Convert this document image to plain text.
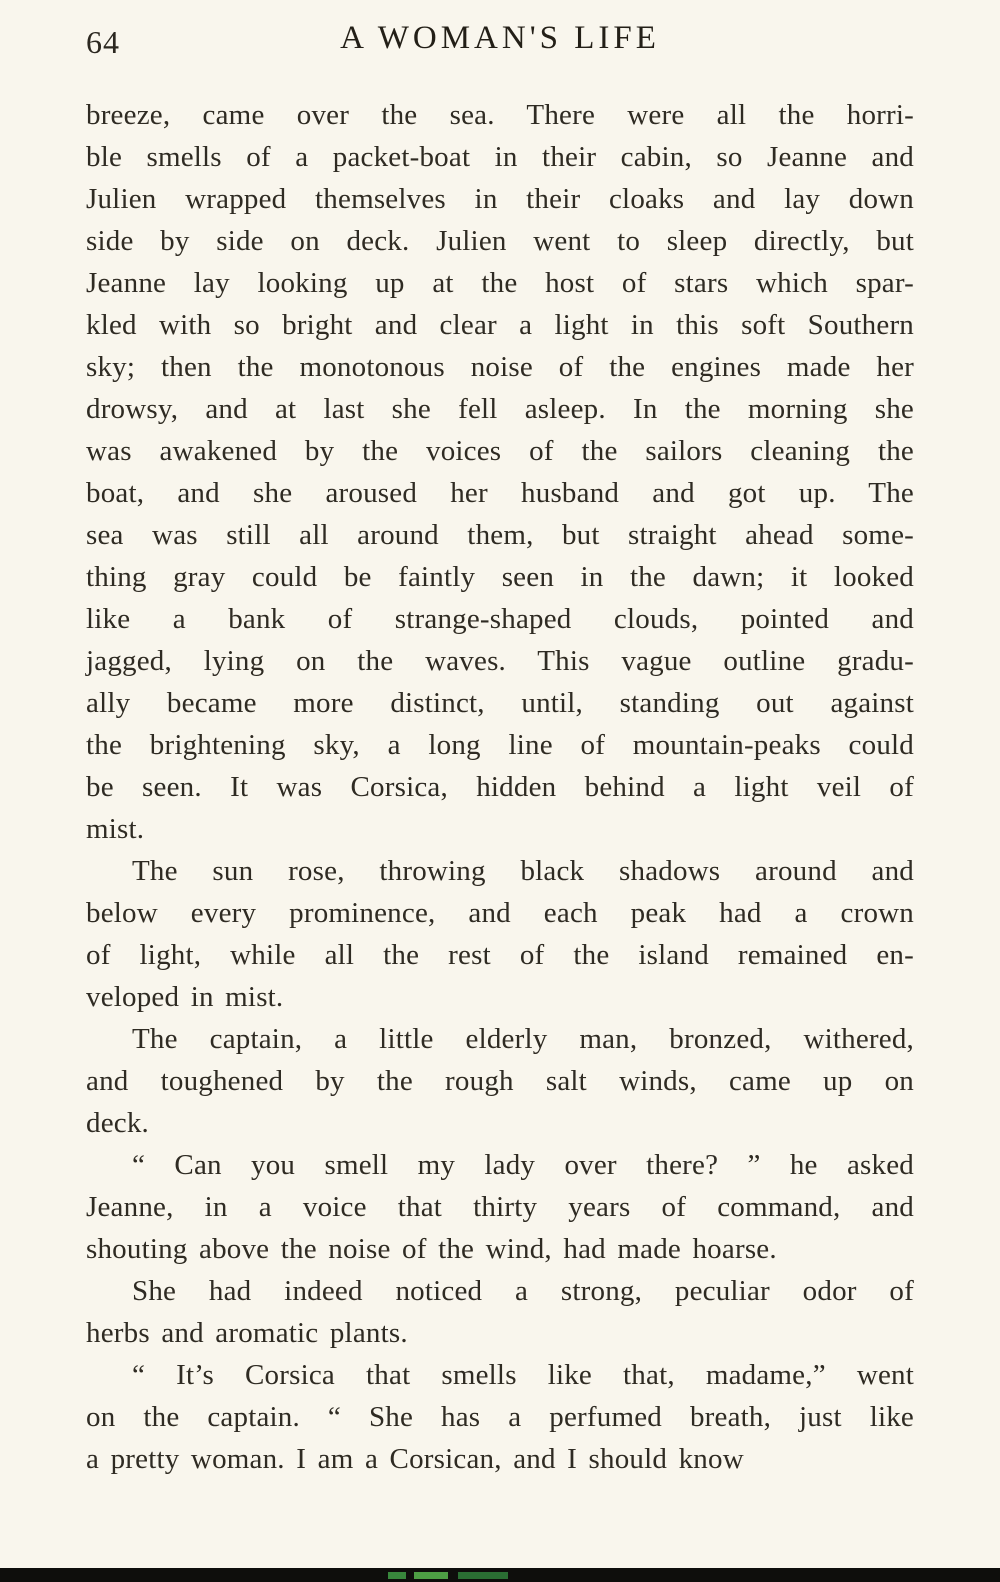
64	A WOMAN'S LIFE
breeze, came over the sea. There were all the horri-
ble smells of a packet-boat in their cabin, so Jeanne and
Julien wrapped themselves in their cloaks and lay down
side by side on deck. Julien went to sleep directly, but
Jeanne lay looking up at the host of stars which spar-
kled with so bright and clear a light in this soft Southern
sky; then the monotonous noise of the engines made her
drowsy, and at last she fell asleep. In the morning she
was awakened by the voices of the sailors cleaning the
boat, and she aroused her husband and got up. The
sea was still all around them, but straight ahead some-
thing gray could be faintly seen in the dawn; it looked
like a bank of strange-shaped clouds, pointed and
jagged, lying on the waves. This vague outline gradu-
ally became more distinct, until, standing out against
the brightening sky, a long line of mountain-peaks could
be seen. It was Corsica, hidden behind a light veil of
mist.
The sun rose, throwing black shadows around and
below every prominence, and each peak had a crown
of light, while all the rest of the island remained en-
veloped in mist.
The captain, a little elderly man, bronzed, withered,
and toughened by the rough salt winds, came up on
deck.
“ Can you smell my lady over there? ” he asked
Jeanne, in a voice that thirty years of command, and
shouting above the noise of the wind, had made hoarse.
She had indeed noticed a strong, peculiar odor of
herbs and aromatic plants.
“ It’s Corsica that smells like that, madame,” went
on the captain. “ She has a perfumed breath, just like
a pretty woman. I am a Corsican, and I should know
